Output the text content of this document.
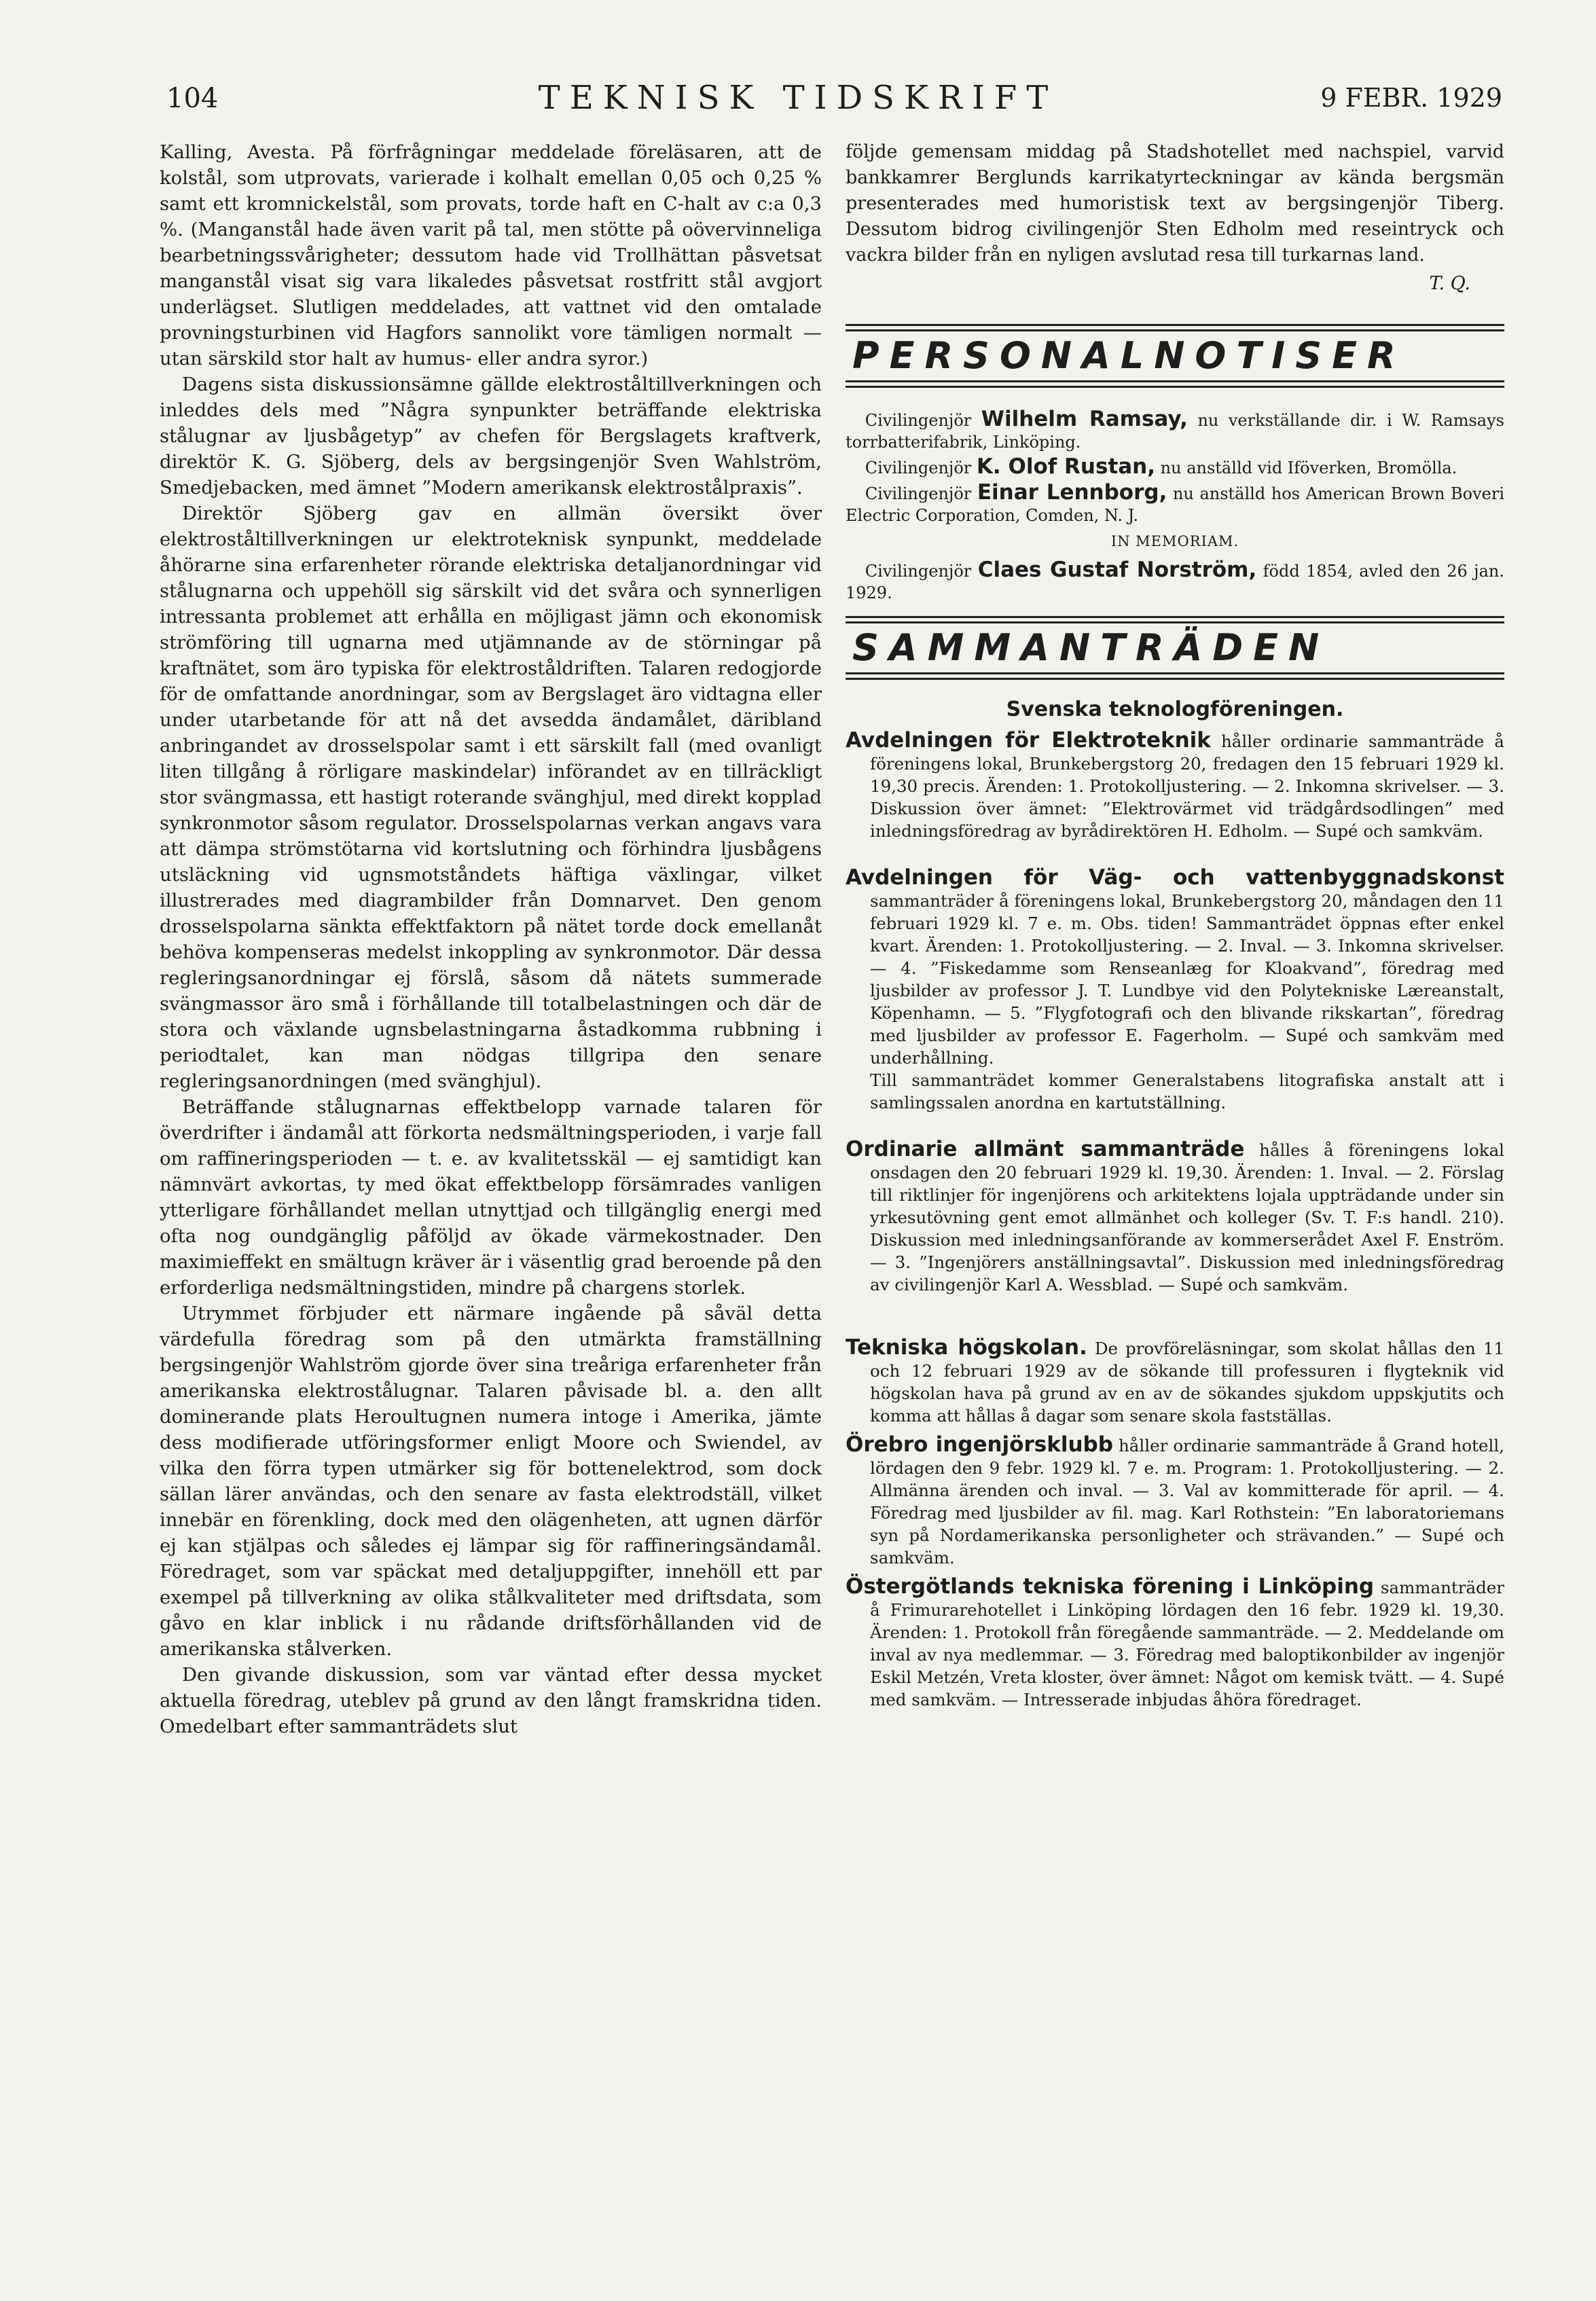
104	TEKNISK TIDSKRIFT	9 FEBR. 1929

Kalling, Avesta. På förfrågningar meddelade föreläsaren, att de kolstål, som utprovats, varierade i kolhalt emellan 0,05 och 0,25 % samt ett kromnickelstål, som provats, torde haft en C-halt av c:a 0,3 %. (Manganstål hade även varit på tal, men stötte på oövervinneliga bearbetningssvårigheter; dessutom hade vid Trollhättan påsvetsat manganstål visat sig vara likaledes påsvetsat rostfritt stål avgjort underlägset. Slutligen meddelades, att vattnet vid den omtalade provningsturbinen vid Hagfors sannolikt vore tämligen normalt — utan särskild stor halt av humus- eller andra syror.)

Dagens sista diskussionsämne gällde elektroståltillverkningen och inleddes dels med ”Några synpunkter beträffande elektriska stålugnar av ljusbågetyp” av chefen för Bergslagets kraftverk, direktör K. G. Sjöberg, dels av bergsingenjör Sven Wahlström, Smedjebacken, med ämnet ”Modern amerikansk elektrostålpraxis”.

Direktör Sjöberg gav en allmän översikt över elektroståltillverkningen ur elektroteknisk synpunkt, meddelade åhörarne sina erfarenheter rörande elektriska detaljanordningar vid stålugnarna och uppehöll sig särskilt vid det svåra och synnerligen intressanta problemet att erhålla en möjligast jämn och ekonomisk strömföring till ugnarna med utjämnande av de störningar på kraftnätet, som äro typiska för elektroståldriften. Talaren redogjorde för de omfattande anordningar, som av Bergslaget äro vidtagna eller under utarbetande för att nå det avsedda ändamålet, däribland anbringandet av drosselspolar samt i ett särskilt fall (med ovanligt liten tillgång å rörligare maskindelar) införandet av en tillräckligt stor svängmassa, ett hastigt roterande svänghjul, med direkt kopplad synkronmotor såsom regulator. Drosselspolarnas verkan angavs vara att dämpa strömstötarna vid kortslutning och förhindra ljusbågens utsläckning vid ugnsmotståndets häftiga växlingar, vilket illustrerades med diagrambilder från Domnarvet. Den genom drosselspolarna sänkta effektfaktorn på nätet torde dock emellanåt behöva kompenseras medelst inkoppling av synkronmotor. Där dessa regleringsanordningar ej förslå, såsom då nätets summerade svängmassor äro små i förhållande till totalbelastningen och där de stora och växlande ugnsbelastningarna åstadkomma rubbning i periodtalet, kan man nödgas tillgripa den senare regleringsanordningen (med svänghjul).

Beträffande stålugnarnas effektbelopp varnade talaren för överdrifter i ändamål att förkorta nedsmältningsperioden, i varje fall om raffineringsperioden — t. e. av kvalitetsskäl — ej samtidigt kan nämnvärt avkortas, ty med ökat effektbelopp försämrades vanligen ytterligare förhållandet mellan utnyttjad och tillgänglig energi med ofta nog oundgänglig påföljd av ökade värmekostnader. Den maximieffekt en smältugn kräver är i väsentlig grad beroende på den erforderliga nedsmältningstiden, mindre på chargens storlek.

Utrymmet förbjuder ett närmare ingående på såväl detta värdefulla föredrag som på den utmärkta framställning bergsingenjör Wahlström gjorde över sina treåriga erfarenheter från amerikanska elektrostålugnar. Talaren påvisade bl. a. den allt dominerande plats Heroultugnen numera intoge i Amerika, jämte dess modifierade utföringsformer enligt Moore och Swiendel, av vilka den förra typen utmärker sig för bottenelektrod, som dock sällan lärer användas, och den senare av fasta elektrodställ, vilket innebär en förenkling, dock med den olägenheten, att ugnen därför ej kan stjälpas och således ej lämpar sig för raffineringsändamål. Föredraget, som var späckat med detaljuppgifter, innehöll ett par exempel på tillverkning av olika stålkvaliteter med driftsdata, som gåvo en klar inblick i nu rådande driftsförhållanden vid de amerikanska stålverken.

Den givande diskussion, som var väntad efter dessa mycket aktuella föredrag, uteblev på grund av den långt framskridna tiden. Omedelbart efter sammanträdets slut

följde gemensam middag på Stadshotellet med nachspiel, varvid bankkamrer Berglunds karrikatyrteckningar av kända bergsmän presenterades med humoristisk text av bergsingenjör Tiberg. Dessutom bidrog civilingenjör Sten Edholm med reseintryck och vackra bilder från en nyligen avslutad resa till turkarnas land.

T. Q.

PERSONALNOTISER
Civilingenjör Wilhelm Ramsay, nu verkställande dir. i W. Ramsays torrbatterifabrik, Linköping.
Civilingenjör K. Olof Rustan, nu anställd vid Iföverken, Bromölla.
Civilingenjör Einar Lennborg, nu anställd hos American Brown Boveri Electric Corporation, Comden, N. J.
IN MEMORIAM.
Civilingenjör Claes Gustaf Norström, född 1854, avled den 26 jan. 1929.
SAMMANTRÄDEN
Svenska teknologföreningen.

Avdelningen för Elektroteknik håller ordinarie sammanträde å föreningens lokal, Brunkebergstorg 20, fredagen den 15 februari 1929 kl. 19,30 precis. Ärenden: 1. Protokolljustering. — 2. Inkomna skrivelser. — 3. Diskussion över ämnet: ”Elektrovärmet vid trädgårdsodlingen” med inledningsföredrag av byrådirektören H. Edholm. — Supé och samkväm.

Avdelningen för Väg- och vattenbyggnadskonst sammanträder å föreningens lokal, Brunkebergstorg 20, måndagen den 11 februari 1929 kl. 7 e. m. Obs. tiden! Sammanträdet öppnas efter enkel kvart. Ärenden: 1. Protokolljustering. — 2. Inval. — 3. Inkomna skrivelser. — 4. ”Fiskedamme som Renseanlæg for Kloakvand”, föredrag med ljusbilder av professor J. T. Lundbye vid den Polytekniske Læreanstalt, Köpenhamn. — 5. ”Flygfotografi och den blivande rikskartan”, föredrag med ljusbilder av professor E. Fagerholm. — Supé och samkväm med underhållning.

Till sammanträdet kommer Generalstabens litografiska anstalt att i samlingssalen anordna en kartutställning.

Ordinarie allmänt sammanträde hålles å föreningens lokal onsdagen den 20 februari 1929 kl. 19,30. Ärenden: 1. Inval. — 2. Förslag till riktlinjer för ingenjörens och arkitektens lojala uppträdande under sin yrkesutövning gent emot allmänhet och kolleger (Sv. T. F:s handl. 210). Diskussion med inledningsanförande av kommerserådet Axel F. Enström. — 3. ”Ingenjörers anställningsavtal”. Diskussion med inledningsföredrag av civilingenjör Karl A. Wessblad. — Supé och samkväm.

Tekniska högskolan. De provföreläsningar, som skolat hållas den 11 och 12 februari 1929 av de sökande till professuren i flygteknik vid högskolan hava på grund av en av de sökandes sjukdom uppskjutits och komma att hållas å dagar som senare skola fastställas.

Örebro ingenjörsklubb håller ordinarie sammanträde å Grand hotell, lördagen den 9 febr. 1929 kl. 7 e. m. Program: 1. Protokolljustering. — 2. Allmänna ärenden och inval. — 3. Val av kommitterade för april. — 4. Föredrag med ljusbilder av fil. mag. Karl Rothstein: ”En laboratoriemans syn på Nordamerikanska personligheter och strävanden.” — Supé och samkväm.

Östergötlands tekniska förening i Linköping sammanträder å Frimurarehotellet i Linköping lördagen den 16 febr. 1929 kl. 19,30. Ärenden: 1. Protokoll från föregående sammanträde. — 2. Meddelande om inval av nya medlemmar. — 3. Föredrag med baloptikonbilder av ingenjör Eskil Metzén, Vreta kloster, över ämnet: Något om kemisk tvätt. — 4. Supé med samkväm. — Intresserade inbjudas åhöra föredraget.
